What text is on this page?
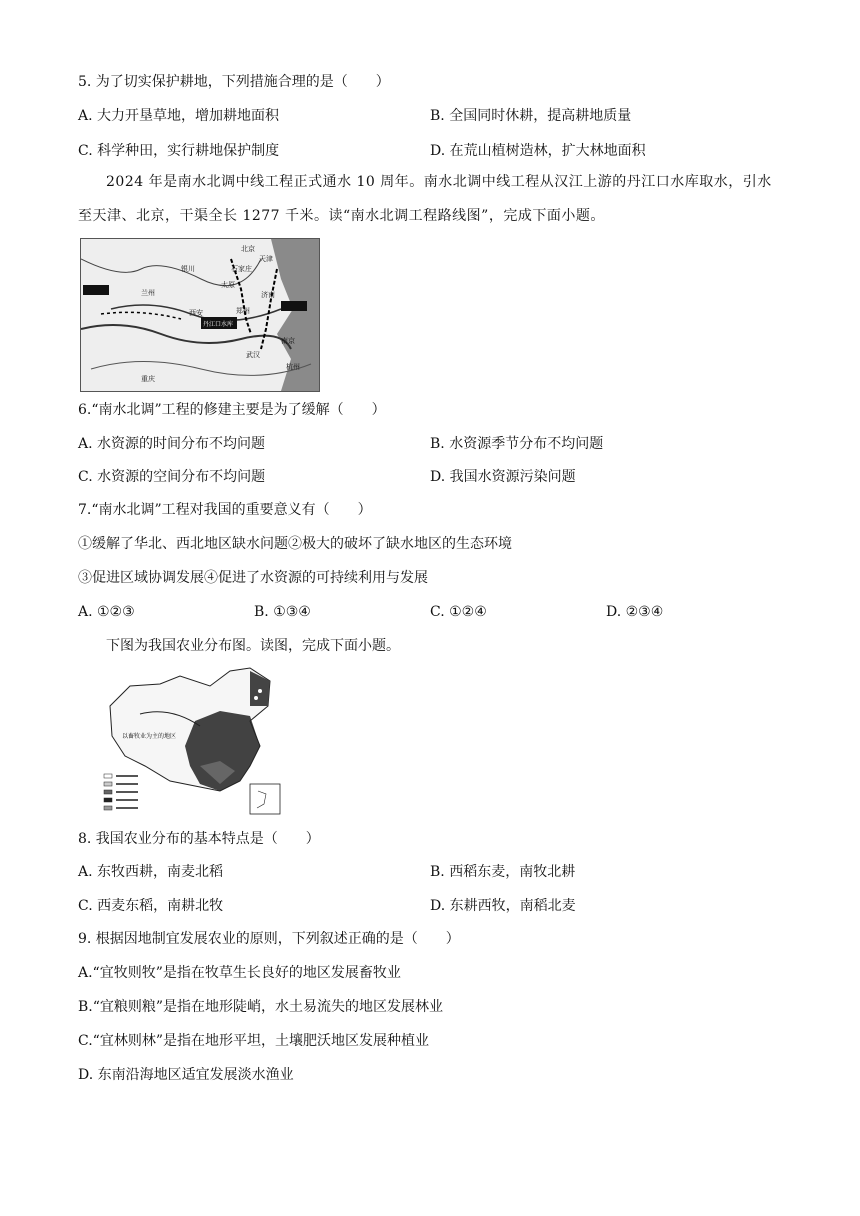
5. 为了切实保护耕地，下列措施合理的是（　　）
A. 大力开垦草地，增加耕地面积	B. 全国同时休耕，提高耕地质量
C. 科学种田，实行耕地保护制度	D. 在荒山植树造林，扩大林地面积
2024 年是南水北调中线工程正式通水 10 周年。南水北调中线工程从汉江上游的丹江口水库取水，引水
至天津、北京，干渠全长 1277 千米。读“南水北调工程路线图”，完成下面小题。
北京
天津
石家庄
银川
兰州
太原
济南
西安	郑州
南京
武汉
杭州
重庆
丹江口水库
6.“南水北调”工程的修建主要是为了缓解（　　）
A. 水资源的时间分布不均问题	B. 水资源季节分布不均问题
C. 水资源的空间分布不均问题	D. 我国水资源污染问题
7.“南水北调”工程对我国的重要意义有（　　）
①缓解了华北、西北地区缺水问题②极大的破坏了缺水地区的生态环境
③促进区域协调发展④促进了水资源的可持续利用与发展
A. ①②③	B. ①③④	C. ①②④	D. ②③④
下图为我国农业分布图。读图，完成下面小题。
以畜牧业为主的地区
8. 我国农业分布的基本特点是（　　）
A. 东牧西耕，南麦北稻	B. 西稻东麦，南牧北耕
C. 西麦东稻，南耕北牧	D. 东耕西牧，南稻北麦
9. 根据因地制宜发展农业的原则，下列叙述正确的是（　　）
A.“宜牧则牧”是指在牧草生长良好的地区发展畜牧业
B.“宜粮则粮”是指在地形陡峭，水土易流失的地区发展林业
C.“宜林则林”是指在地形平坦，土壤肥沃地区发展种植业
D. 东南沿海地区适宜发展淡水渔业
